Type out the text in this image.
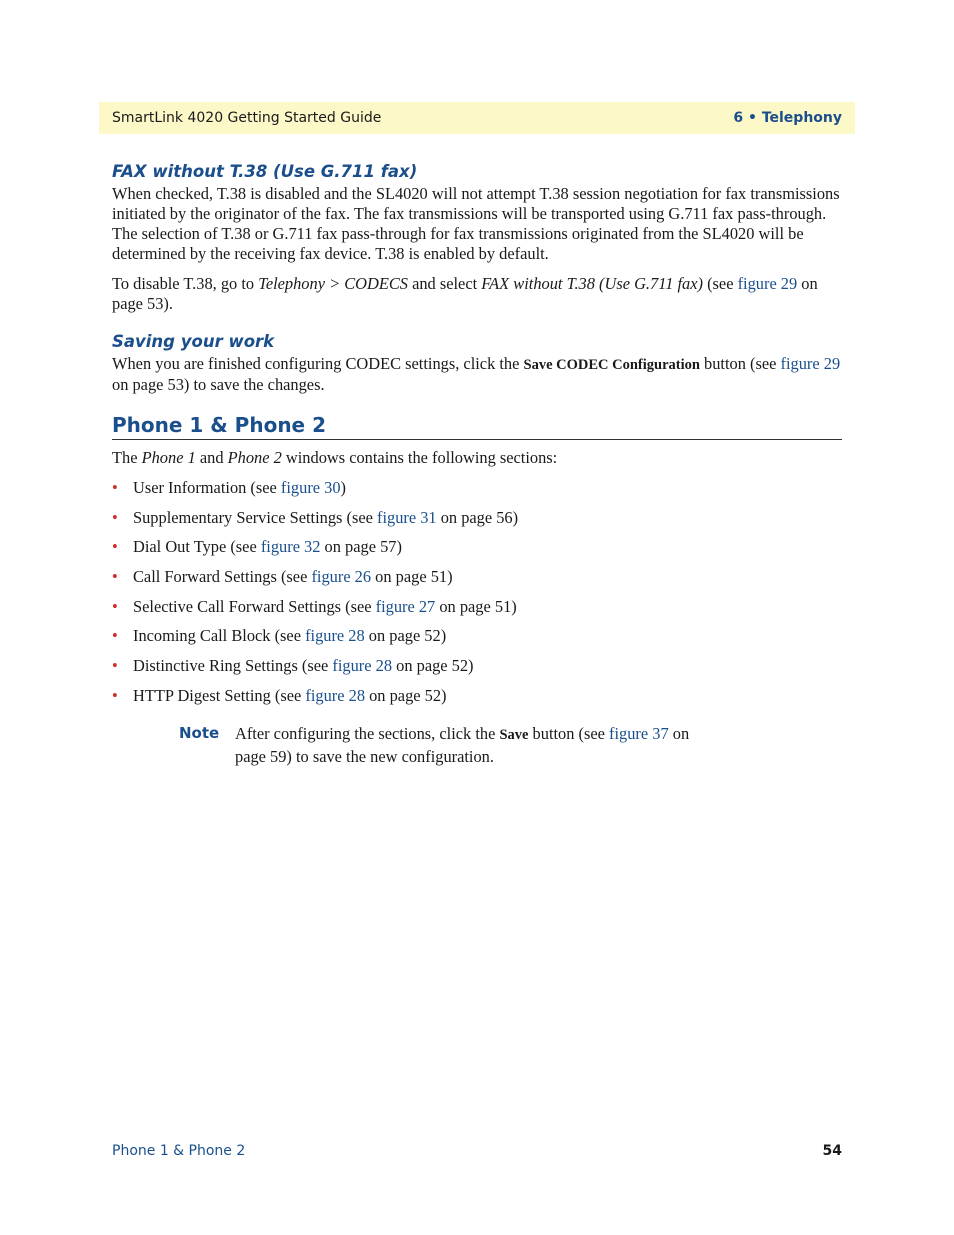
SmartLink 4020 Getting Started Guide	6 • Telephony
FAX without T.38 (Use G.711 fax)

When checked, T.38 is disabled and the SL4020 will not attempt T.38 session negotiation for fax transmissions initiated by the originator of the fax. The fax transmissions will be transported using G.711 fax pass-through. The selection of T.38 or G.711 fax pass-through for fax transmissions originated from the SL4020 will be determined by the receiving fax device. T.38 is enabled by default.

To disable T.38, go to Telephony > CODECS and select FAX without T.38 (Use G.711 fax) (see figure 29 on page 53).

Saving your work

When you are finished configuring CODEC settings, click the Save CODEC Configuration button (see figure 29 on page 53) to save the changes.

Phone 1 & Phone 2

The Phone 1 and Phone 2 windows contains the following sections:

• User Information (see figure 30)
• Supplementary Service Settings (see figure 31 on page 56)
• Dial Out Type (see figure 32 on page 57)
• Call Forward Settings (see figure 26 on page 51)
• Selective Call Forward Settings (see figure 27 on page 51)
• Incoming Call Block (see figure 28 on page 52)
• Distinctive Ring Settings (see figure 28 on page 52)
• HTTP Digest Setting (see figure 28 on page 52)
Note After configuring the sections, click the Save button (see figure 37 on page 59) to save the new configuration.
Phone 1 & Phone 2	54
